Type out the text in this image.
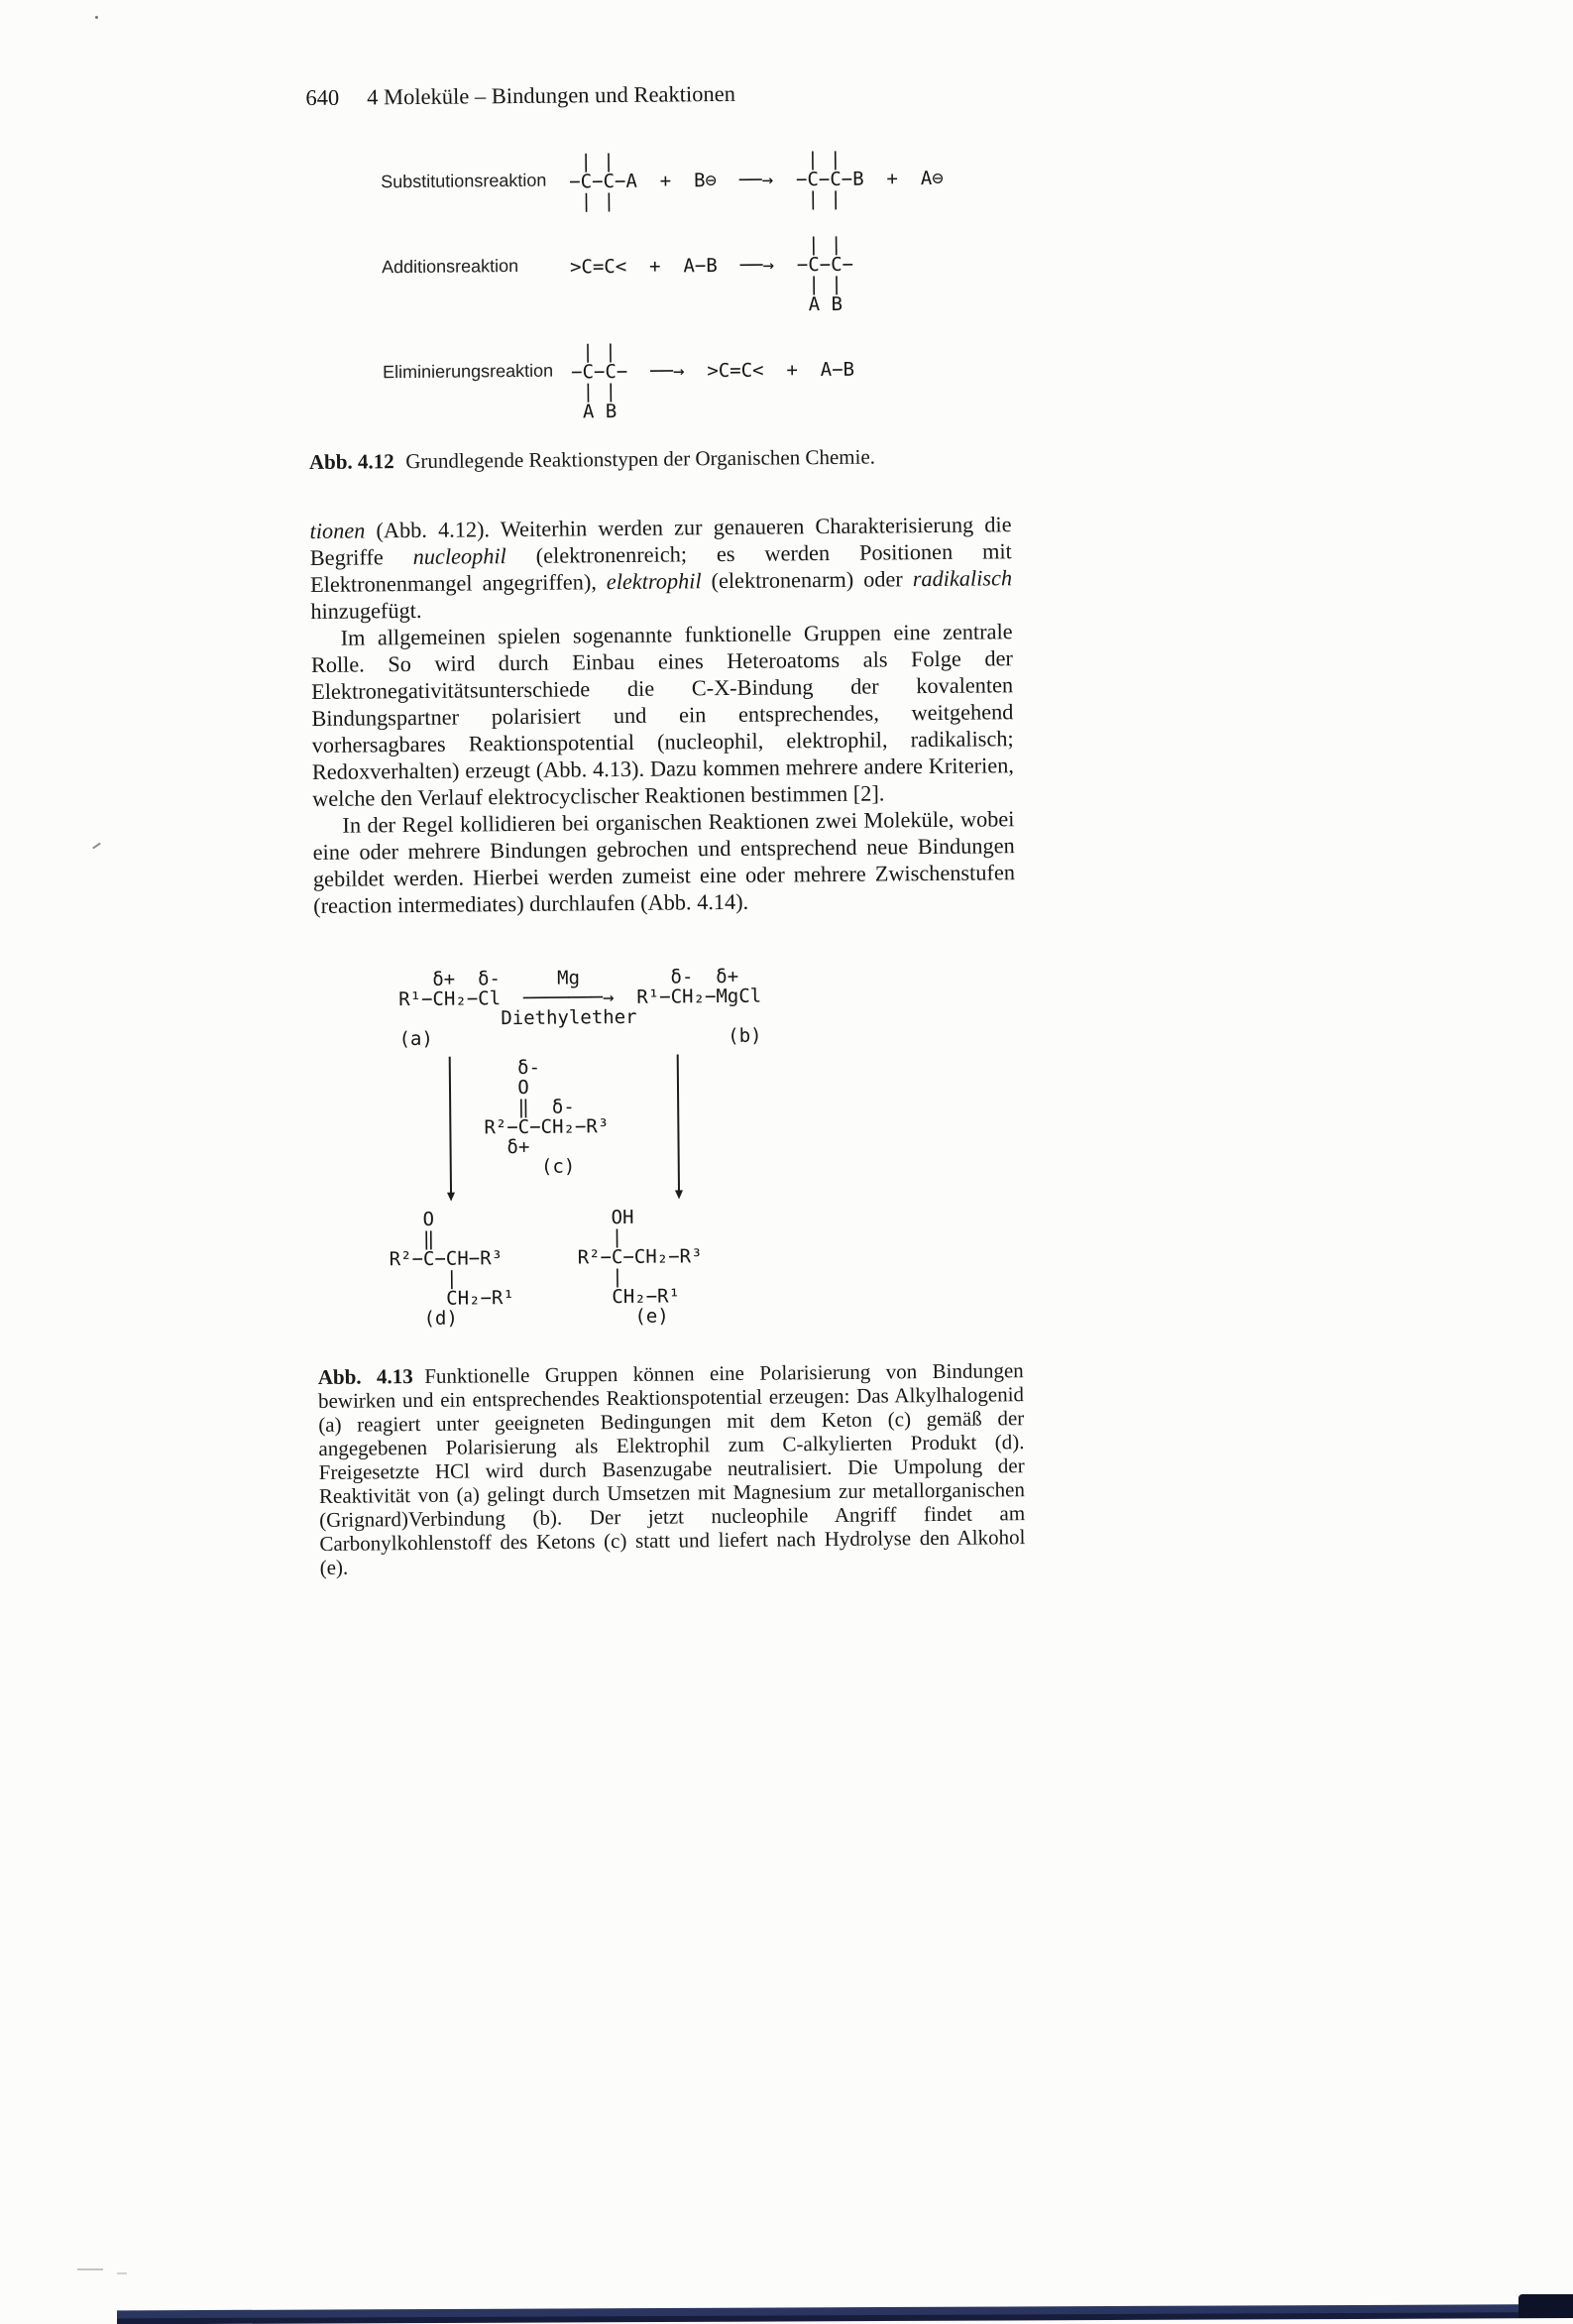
640 4 Moleküle – Bindungen und Reaktionen
Substitutionsreaktion
| |                 | |
−C−C−A  +  B⊖  ──→  −C−C−B  +  A⊖
| |                 | |
Additionsreaktion
| |
>C=C<  +  A−B  ──→  −C−C−
| |
A B
Eliminierungsreaktion
| |
−C−C−  ──→  >C=C<  +  A−B
| |
A B

Abb. 4.12 Grundlegende Reaktionstypen der Organischen Chemie.

tionen (Abb. 4.12). Weiterhin werden zur genaueren Charakterisierung die Begriffe nucleophil (elektronenreich; es werden Positionen mit Elektronenmangel angegriffen), elektrophil (elektronenarm) oder radikalisch hinzugefügt.

Im allgemeinen spielen sogenannte funktionelle Gruppen eine zentrale Rolle. So wird durch Einbau eines Heteroatoms als Folge der Elektronegativitätsunterschiede die C-X-Bindung der kovalenten Bindungspartner polarisiert und ein entsprechendes, weitgehend vorhersagbares Reaktionspotential (nucleophil, elektrophil, radikalisch; Redoxverhalten) erzeugt (Abb. 4.13). Dazu kommen mehrere andere Kriterien, welche den Verlauf elektrocyclischer Reaktionen bestimmen [2].

In der Regel kollidieren bei organischen Reaktionen zwei Moleküle, wobei eine oder mehrere Bindungen gebrochen und entsprechend neue Bindungen gebildet werden. Hierbei werden zumeist eine oder mehrere Zwischenstufen (reaction intermediates) durchlaufen (Abb. 4.14).

δ+  δ-     Mg        δ-  δ+
R¹−CH₂−Cl  ───────→  R¹−CH₂−MgCl
Diethylether
(a)                          (b)
δ-
O
‖  δ-
R²−C−CH₂−R³
δ+
(c)
O
‖
R²−C−CH−R³
|
CH₂−R¹
(d)
OH
|
R²−C−CH₂−R³
|
CH₂−R¹
(e)

Abb. 4.13 Funktionelle Gruppen können eine Polarisierung von Bindungen bewirken und ein entsprechendes Reaktionspotential erzeugen: Das Alkylhalogenid (a) reagiert unter geeigneten Bedingungen mit dem Keton (c) gemäß der angegebenen Polarisierung als Elektrophil zum C-alkylierten Produkt (d). Freigesetzte HCl wird durch Basenzugabe neutralisiert. Die Umpolung der Reaktivität von (a) gelingt durch Umsetzen mit Magnesium zur metallorganischen (Grignard)Verbindung (b). Der jetzt nucleophile Angriff findet am Carbonylkohlenstoff des Ketons (c) statt und liefert nach Hydrolyse den Alkohol (e).
